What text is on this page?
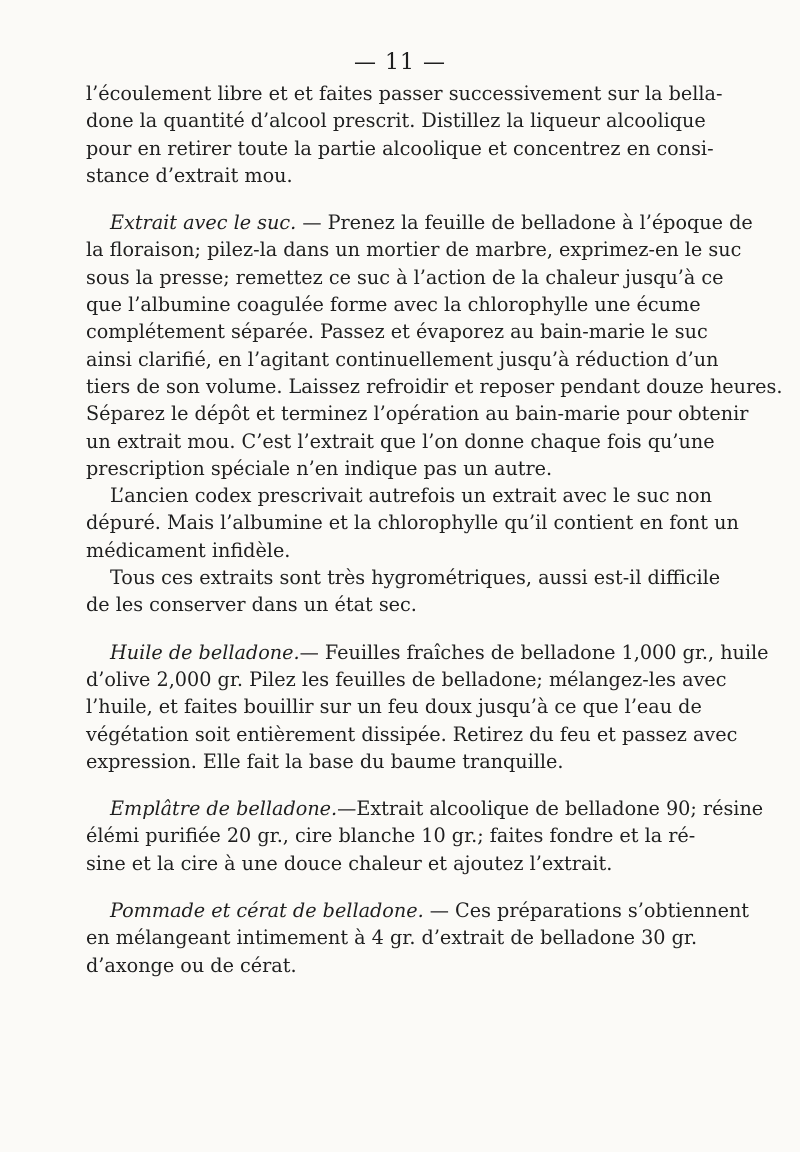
— 11 —
l’écoulement libre et et faites passer successivement sur la bella-
done la quantité d’alcool prescrit. Distillez la liqueur alcoolique
pour en retirer toute la partie alcoolique et concentrez en consi-
stance d’extrait mou.
Extrait avec le suc. — Prenez la feuille de belladone à l’époque de
la floraison; pilez-la dans un mortier de marbre, exprimez-en le suc
sous la presse; remettez ce suc à l’action de la chaleur jusqu’à ce
que l’albumine coagulée forme avec la chlorophylle une écume
complétement séparée. Passez et évaporez au bain-marie le suc
ainsi clarifié, en l’agitant continuellement jusqu’à réduction d’un
tiers de son volume. Laissez refroidir et reposer pendant douze heures.
Séparez le dépôt et terminez l’opération au bain-marie pour obtenir
un extrait mou. C’est l’extrait que l’on donne chaque fois qu’une
prescription spéciale n’en indique pas un autre.
L’ancien codex prescrivait autrefois un extrait avec le suc non
dépuré. Mais l’albumine et la chlorophylle qu’il contient en font un
médicament infidèle.
Tous ces extraits sont très hygrométriques, aussi est-il difficile
de les conserver dans un état sec.
Huile de belladone.— Feuilles fraîches de belladone 1,000 gr., huile
d’olive 2,000 gr. Pilez les feuilles de belladone; mélangez-les avec
l’huile, et faites bouillir sur un feu doux jusqu’à ce que l’eau de
végétation soit entièrement dissipée. Retirez du feu et passez avec
expression. Elle fait la base du baume tranquille.
Emplâtre de belladone.—Extrait alcoolique de belladone 90; résine
élémi purifiée 20 gr., cire blanche 10 gr.; faites fondre et la ré-
sine et la cire à une douce chaleur et ajoutez l’extrait.
Pommade et cérat de belladone. — Ces préparations s’obtiennent
en mélangeant intimement à 4 gr. d’extrait de belladone 30 gr.
d’axonge ou de cérat.
